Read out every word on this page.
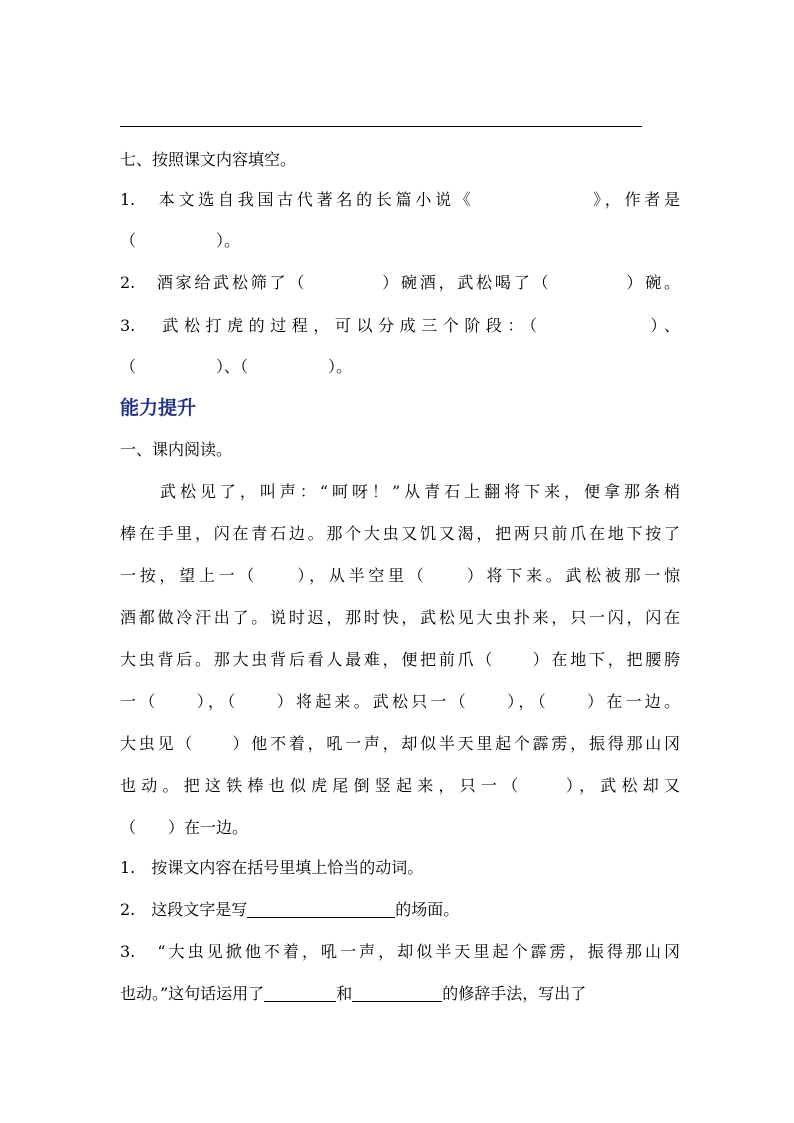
七、按照课文内容填空。

1.　本文选自我国古代著名的长篇小说《　　　　　　》，作者是

（　　　　　）。

2.　酒家给武松筛了（　　　　）碗酒，武松喝了（　　　　）碗。

3.　武松打虎的过程，可以分成三个阶段：（　　　　　）、

（　　　　　）、（　　　　　）。

能力提升

一、课内阅读。

　　武松见了，叫声：“呵呀！”从青石上翻将下来，便拿那条梢

棒在手里，闪在青石边。那个大虫又饥又渴，把两只前爪在地下按了

一按，望上一（　　），从半空里（　　）将下来。武松被那一惊

酒都做冷汗出了。说时迟，那时快，武松见大虫扑来，只一闪，闪在

大虫背后。那大虫背后看人最难，便把前爪（　　）在地下，把腰胯

一（　　），（　　）将起来。武松只一（　　），（　　）在一边。

大虫见（　　）他不着，吼一声，却似半天里起个霹雳，振得那山冈

也动。把这铁棒也似虎尾倒竖起来，只一（　　），武松却又

（　　）在一边。

1.　按课文内容在括号里填上恰当的动词。

2.　这段文字是写	的场面。

3.　“大虫见掀他不着，吼一声，却似半天里起个霹雳，振得那山冈

也动。”这句话运用了	和	的修辞手法，写出了
